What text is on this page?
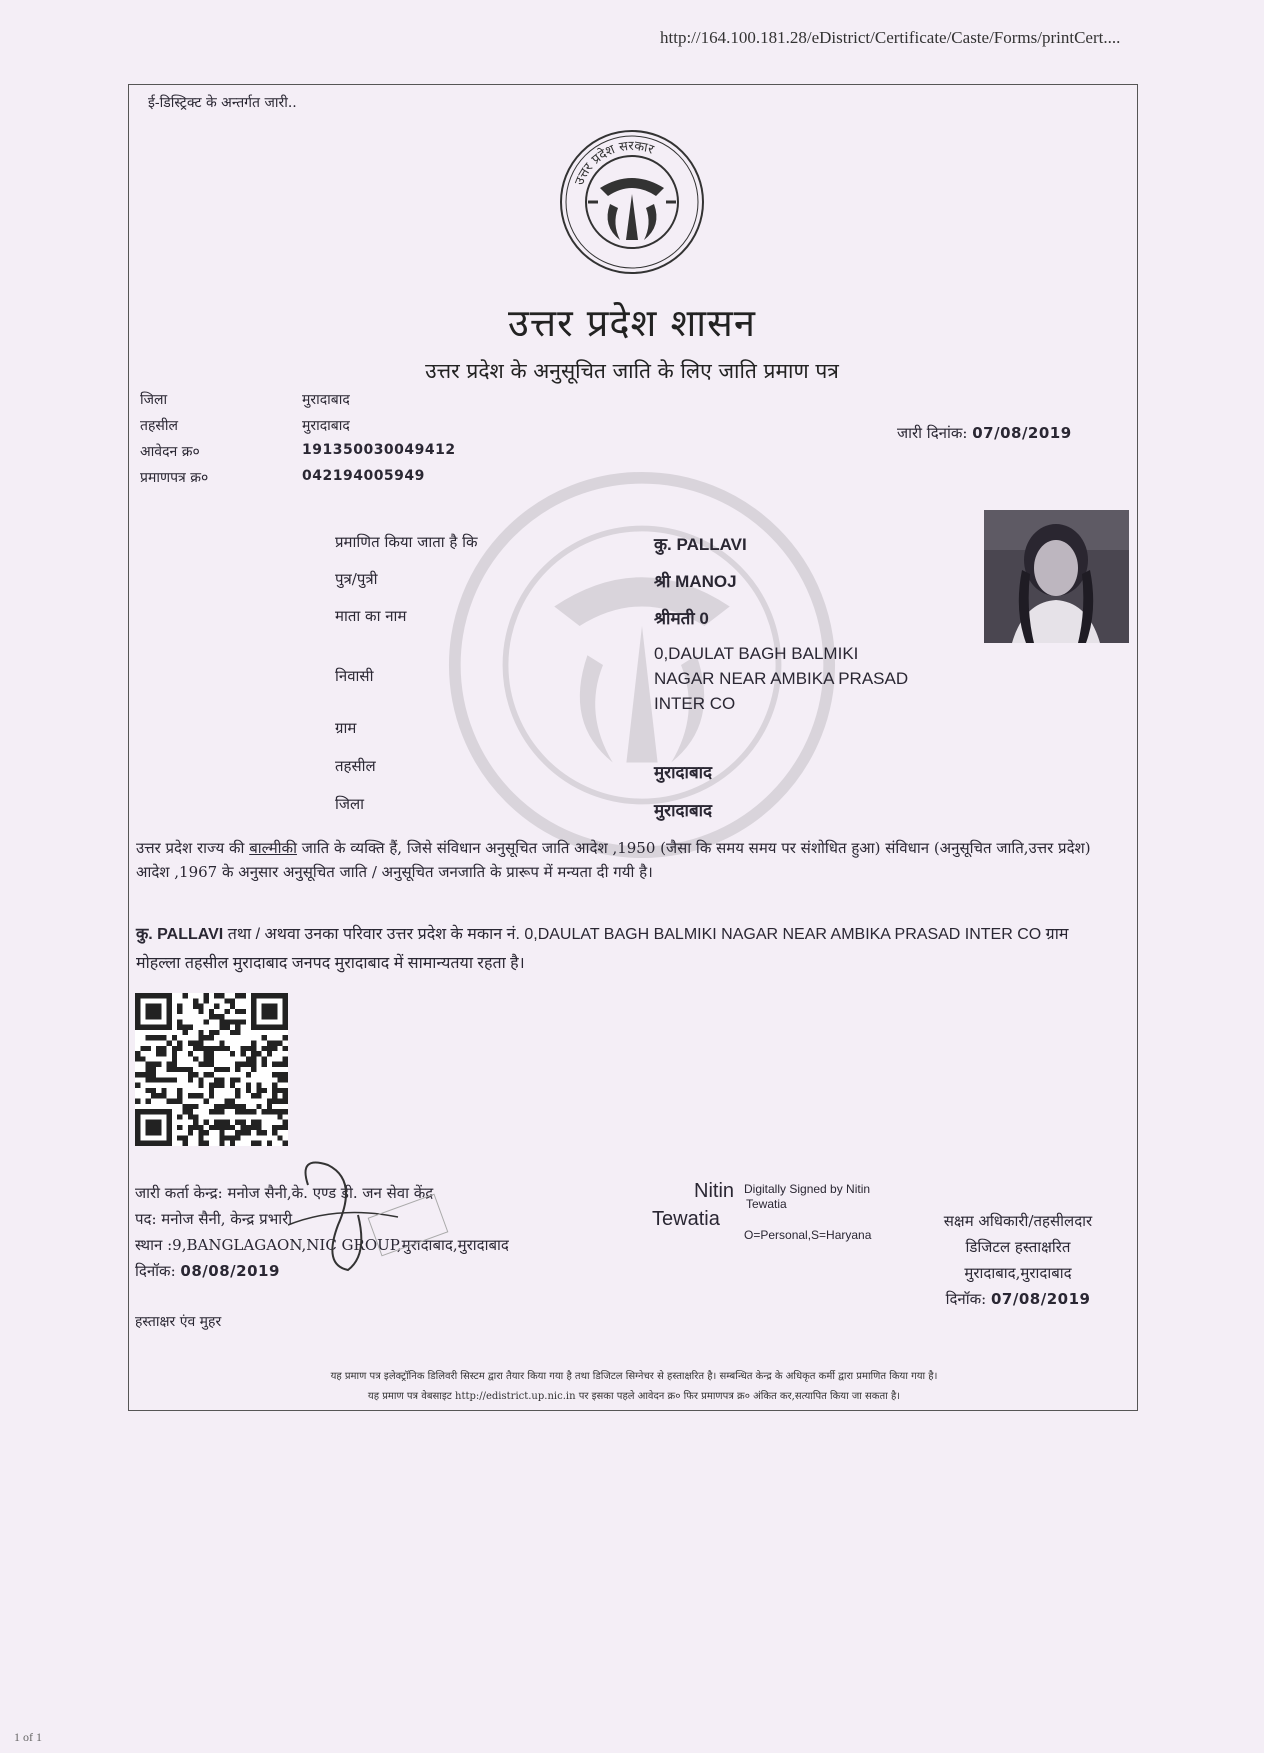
http://164.100.181.28/eDistrict/Certificate/Caste/Forms/printCert....
ई-डिस्ट्रिक्ट के अन्तर्गत जारी..
उत्तर प्रदेश सरकार
उत्तर प्रदेश शासन
उत्तर प्रदेश के अनुसूचित जाति के लिए जाति प्रमाण पत्र
जिला	मुरादाबाद
तहसील	मुरादाबाद
आवेदन क्र०	191350030049412
प्रमाणपत्र क्र०	042194005949
जारी दिनांक: 07/08/2019
प्रमाणित किया जाता है कि	कु. PALLAVI
पुत्र/पुत्री	श्री MANOJ
माता का नाम	श्रीमती 0
निवासी
0,DAULAT BAGH BALMIKI
NAGAR NEAR AMBIKA PRASAD
INTER CO
ग्राम
तहसील	मुरादाबाद
जिला	मुरादाबाद
उत्तर प्रदेश राज्य की बाल्मीकी जाति के व्यक्ति हैं, जिसे संविधान अनुसूचित जाति आदेश ,1950 (जैसा कि समय समय पर संशोधित हुआ) संविधान (अनुसूचित जाति,उत्तर प्रदेश) आदेश ,1967 के अनुसार अनुसूचित जाति / अनुसूचित जनजाति के प्रारूप में मन्यता दी गयी है।
कु. PALLAVI तथा / अथवा उनका परिवार उत्तर प्रदेश के मकान नं. 0,DAULAT BAGH BALMIKI NAGAR NEAR AMBIKA PRASAD INTER CO ग्राम मोहल्ला तहसील मुरादाबाद जनपद मुरादाबाद में सामान्यतया रहता है।
जारी कर्ता केन्द्र: मनोज सैनी,के. एण्ड डी. जन सेवा केंद्र
पद: मनोज सैनी, केन्द्र प्रभारी
स्थान :9,BANGLAGAON,NIC GROUP,मुरादाबाद,मुरादाबाद
दिनॉक: 08/08/2019
हस्ताक्षर एंव मुहर
Nitin
Tewatia
Digitally Signed by Nitin
Tewatia
O=Personal,S=Haryana
सक्षम अधिकारी/तहसीलदार
डिजिटल हस्ताक्षरित
मुरादाबाद,मुरादाबाद
दिनॉक: 07/08/2019
यह प्रमाण पत्र इलेक्ट्रॉनिक डिलिवरी सिस्टम द्वारा तैयार किया गया है तथा डिजिटल सिग्नेचर से हस्ताक्षरित है। सम्बन्धित केन्द्र के अधिकृत कर्मी द्वारा प्रमाणित किया गया है।
यह प्रमाण पत्र वेबसाइट http://edistrict.up.nic.in पर इसका पहले आवेदन क्र० फिर प्रमाणपत्र क्र० अंकित कर,सत्यापित किया जा सकता है।
1 of 1
